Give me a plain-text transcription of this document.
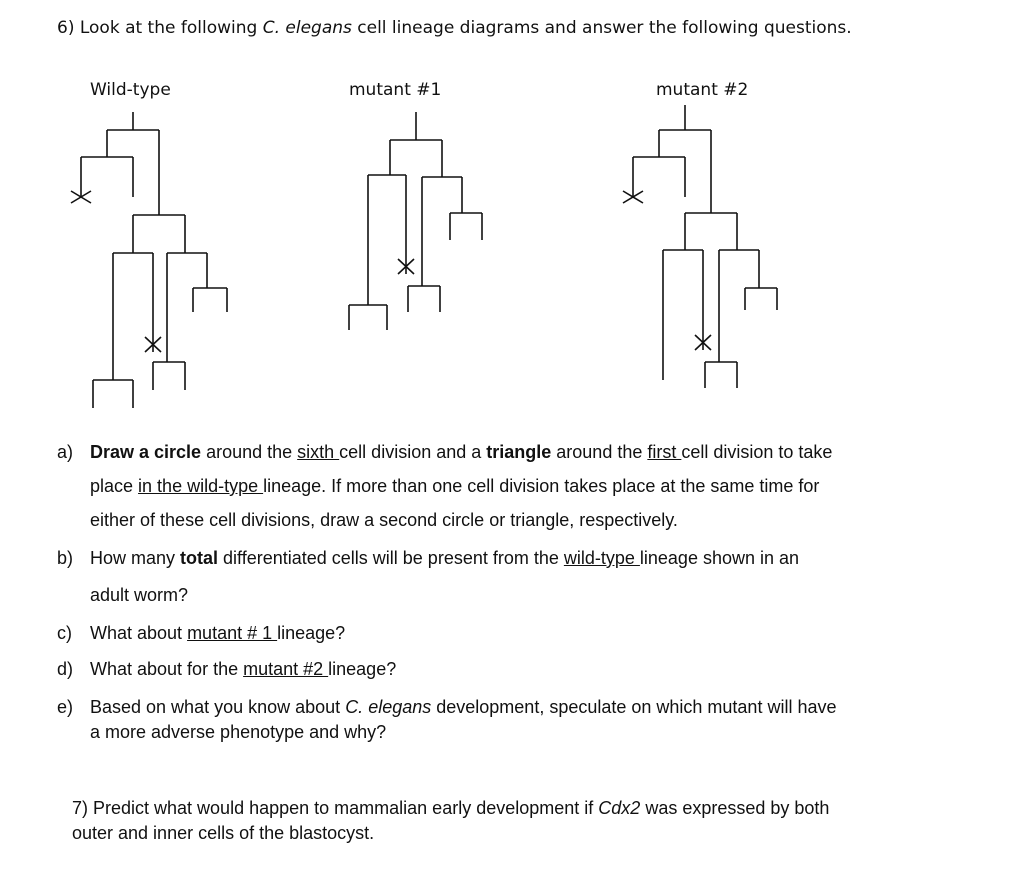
6) Look at the following C. elegans cell lineage diagrams and answer the following questions.
Wild-type	mutant #1	mutant #2
a) Draw a circle around the sixth cell division and a triangle around the first cell division to take
place in the wild-type lineage. If more than one cell division takes place at the same time for
either of these cell divisions, draw a second circle or triangle, respectively.
b) How many total differentiated cells will be present from the wild-type lineage shown in an
adult worm?
c) What about mutant # 1 lineage?
d) What about for the mutant #2 lineage?
e) Based on what you know about C. elegans development, speculate on which mutant will have
a more adverse phenotype and why?
7) Predict what would happen to mammalian early development if Cdx2 was expressed by both
outer and inner cells of the blastocyst.
